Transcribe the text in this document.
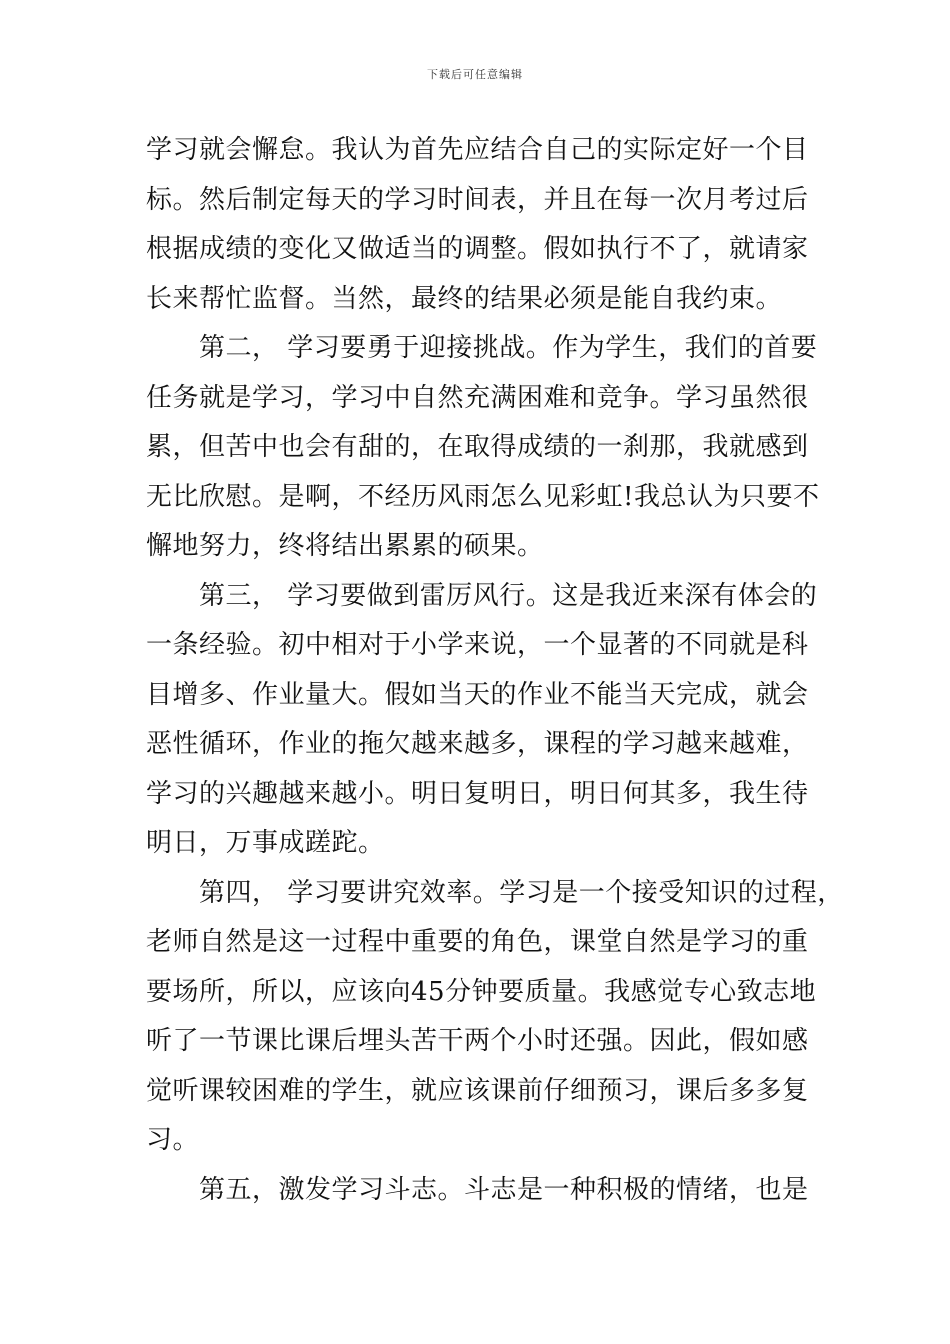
下载后可任意编辑
学习就会懈怠。我认为首先应结合自己的实际定好一个目
标。然后制定每天的学习时间表，并且在每一次月考过后
根据成绩的变化又做适当的调整。假如执行不了，就请家
长来帮忙监督。当然，最终的结果必须是能自我约束。
第二， 学习要勇于迎接挑战。作为学生，我们的首要
任务就是学习，学习中自然充满困难和竞争。学习虽然很
累，但苦中也会有甜的，在取得成绩的一刹那，我就感到
无比欣慰。是啊，不经历风雨怎么见彩虹!我总认为只要不
懈地努力，终将结出累累的硕果。
第三， 学习要做到雷厉风行。这是我近来深有体会的
一条经验。初中相对于小学来说，一个显著的不同就是科
目增多、作业量大。假如当天的作业不能当天完成，就会
恶性循环，作业的拖欠越来越多，课程的学习越来越难，
学习的兴趣越来越小。明日复明日，明日何其多，我生待
明日，万事成蹉跎。
第四， 学习要讲究效率。学习是一个接受知识的过程，
老师自然是这一过程中重要的角色，课堂自然是学习的重
要场所，所以，应该向45分钟要质量。我感觉专心致志地
听了一节课比课后埋头苦干两个小时还强。因此，假如感
觉听课较困难的学生，就应该课前仔细预习，课后多多复
习。
第五，激发学习斗志。斗志是一种积极的情绪，也是
